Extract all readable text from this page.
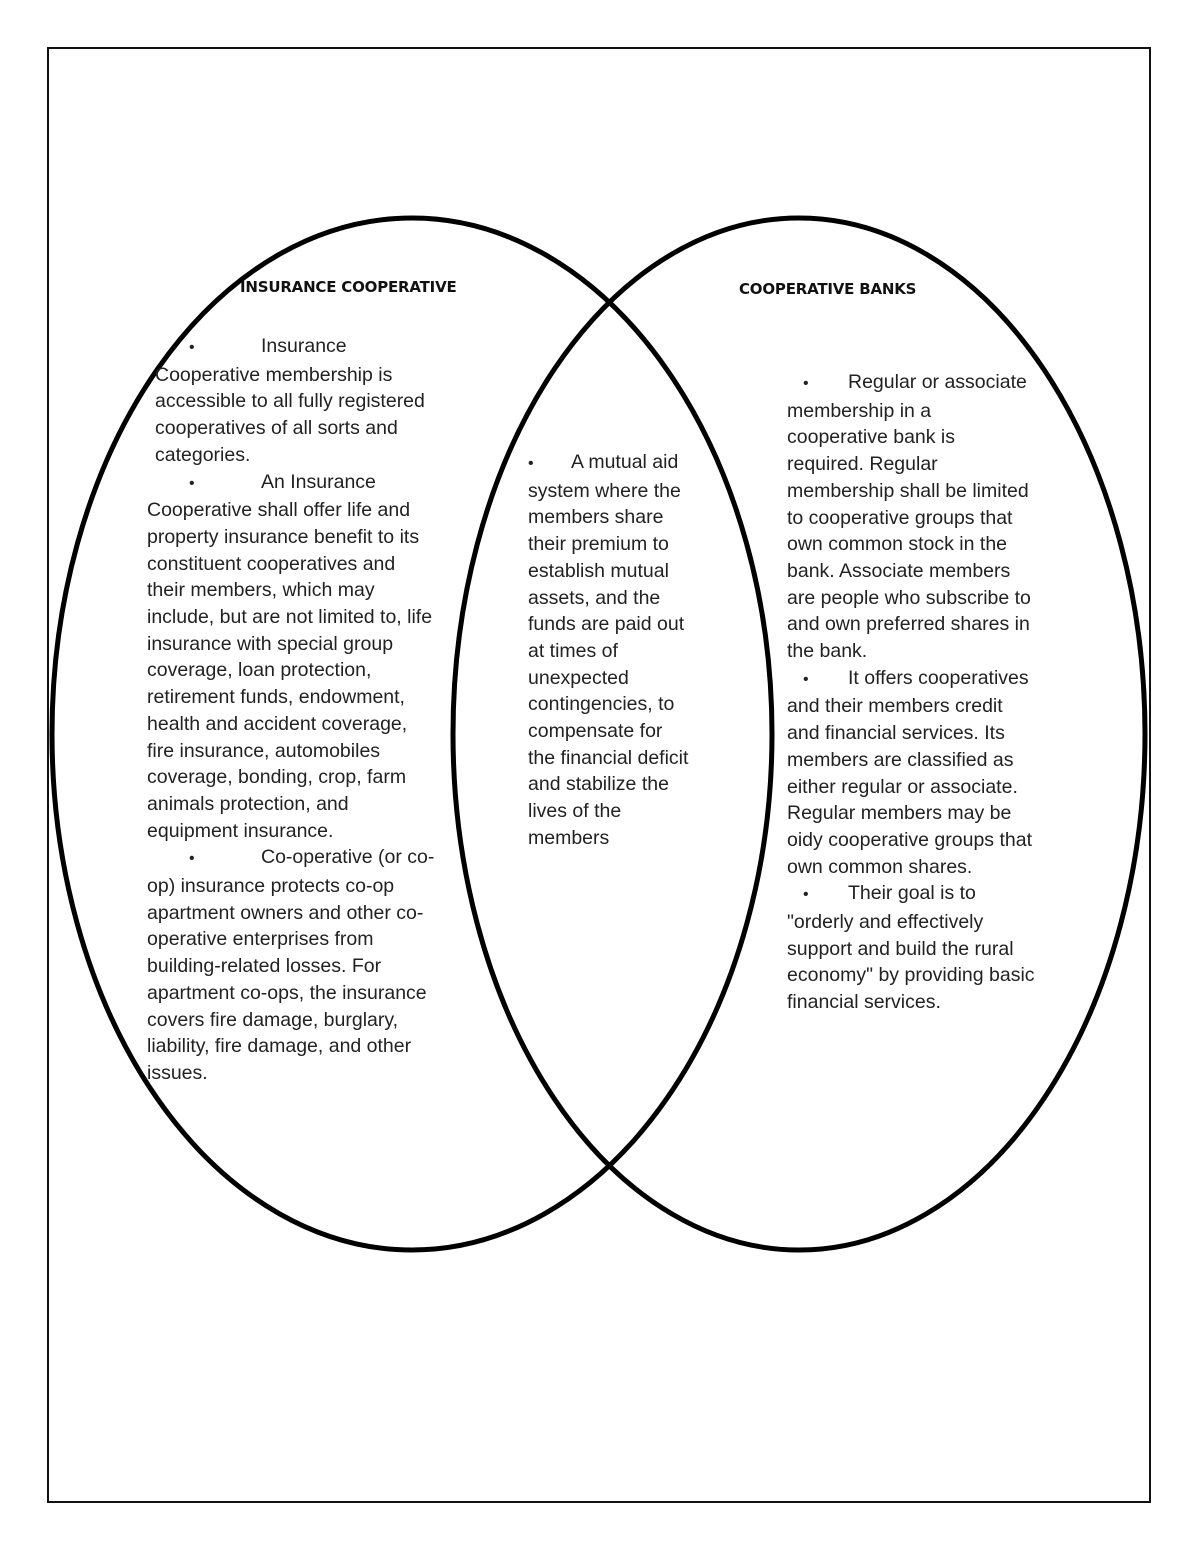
INSURANCE COOPERATIVE	COOPERATIVE BANKS
•	Insurance
Cooperative membership is
accessible to all fully registered
cooperatives of all sorts and
categories.
•	An Insurance
Cooperative shall offer life and
property insurance benefit to its
constituent cooperatives and
their members, which may
include, but are not limited to, life
insurance with special group
coverage, loan protection,
retirement funds, endowment,
health and accident coverage,
fire insurance, automobiles
coverage, bonding, crop, farm
animals protection, and
equipment insurance.
•	Co-operative (or co-
op) insurance protects co-op
apartment owners and other co-
operative enterprises from
building-related losses. For
apartment co-ops, the insurance
covers fire damage, burglary,
liability, fire damage, and other
issues.
• A mutual aid
system where the
members share
their premium to
establish mutual
assets, and the
funds are paid out
at times of
unexpected
contingencies, to
compensate for
the financial deficit
and stabilize the
lives of the
members
• Regular or associate
membership in a
cooperative bank is
required. Regular
membership shall be limited
to cooperative groups that
own common stock in the
bank. Associate members
are people who subscribe to
and own preferred shares in
the bank.
• It offers cooperatives
and their members credit
and financial services. Its
members are classified as
either regular or associate.
Regular members may be
oidy cooperative groups that
own common shares.
• Their goal is to
"orderly and effectively
support and build the rural
economy" by providing basic
financial services.
